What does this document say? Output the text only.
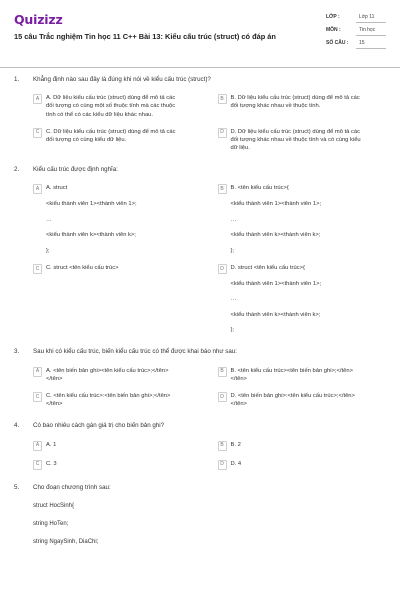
Quizizz
15 câu Trắc nghiệm Tin học 11 C++ Bài 13: Kiểu cấu trúc (struct) có đáp án
LỚP :	Lớp 11
MÔN :	Tin học
SỐ CÂU :	15
1.	Khẳng định nào sau đây là đúng khi nói về kiểu cấu trúc (struct)?
A	A. Dữ liệu kiểu cấu trúc (struct) dùng để mô tả các
đối tượng có cùng một số thuộc tính mà các thuộc
tính có thể có các kiểu dữ liệu khác nhau.
B	B. Dữ liệu kiểu cấu trúc (struct) dùng để mô tả các
đối tượng khác nhau về thuộc tính.
C	C. Dữ liệu kiểu cấu trúc (struct) dùng để mô tả các
đối tượng có cùng kiểu dữ liệu.
D	D. Dữ liệu kiểu cấu trúc (struct) dùng để mô tả các
đối tượng khác nhau về thuộc tính và có cùng kiểu
dữ liệu.
2.	Kiểu cấu trúc được định nghĩa:
A	A. struct
<kiểu thành viên 1><thành viên 1>;
…
<kiểu thành viên k><thành viên k>;
};
B	B. <tên kiểu cấu trúc>{
<kiểu thành viên 1><thành viên 1>;
…
<kiểu thành viên k><thành viên k>;
};
C	C. struct <tên kiểu cấu trúc>	D	D. struct <tên kiểu cấu trúc>{
<kiểu thành viên 1><thành viên 1>;
…
<kiểu thành viên k><thành viên k>;
};
3.	Sau khi có kiểu cấu trúc, biến kiểu cấu trúc có thể được khai báo như sau:
A	A. <tên biến bản ghi><tên kiểu cấu trúc>;</tên>
</tên>
B	B. <tên kiểu cấu trúc><tên biến bản ghi>;</tên>
</tên>
C	C. <tên kiểu cấu trúc>:<tên biến bản ghi>;</tên>
</tên>
D	D. <tên biến bản ghi>:<tên kiểu cấu trúc>;</tên>
</tên>
4.	Có bao nhiêu cách gán giá trị cho biến bản ghi?
A	A. 1	B	B. 2
C	C. 3	D	D. 4
5.	Cho đoạn chương trình sau:
struct HocSinh{
string HoTen;
string NgaySinh, DiaChi;
